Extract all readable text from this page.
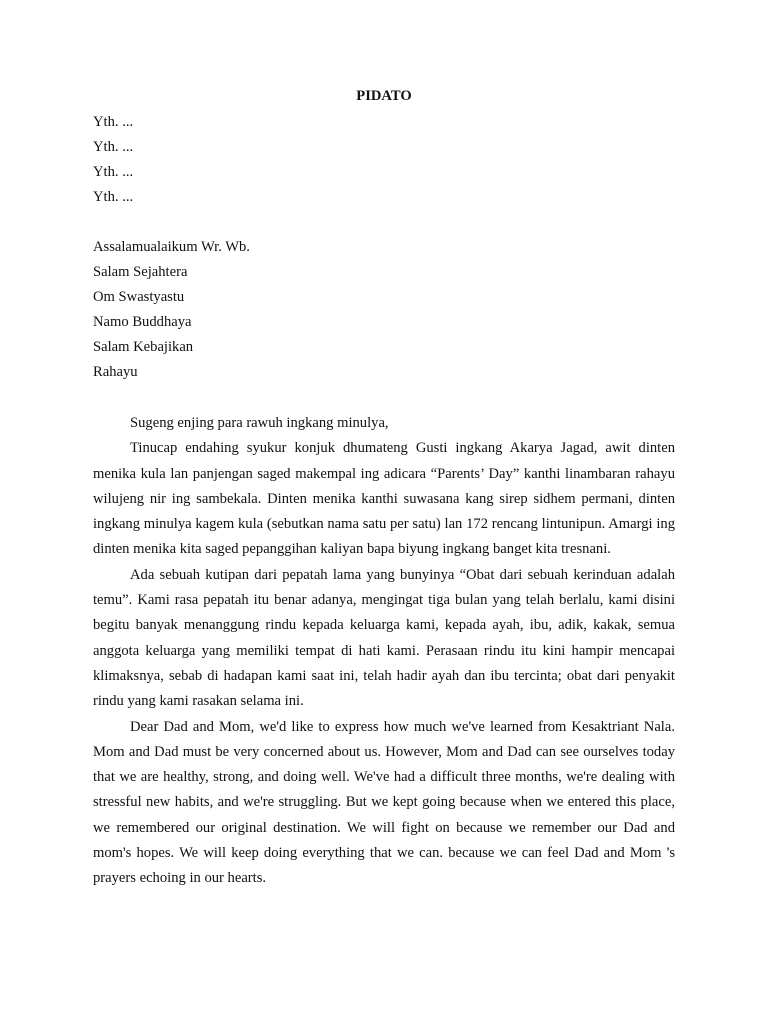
PIDATO
Yth. ...
Yth. ...
Yth. ...
Yth. ...
Assalamualaikum Wr. Wb.
Salam Sejahtera
Om Swastyastu
Namo Buddhaya
Salam Kebajikan
Rahayu

Sugeng enjing para rawuh ingkang minulya,

Tinucap endahing syukur konjuk dhumateng Gusti ingkang Akarya Jagad, awit dinten menika kula lan panjengan saged makempal ing adicara “Parents’ Day” kanthi linambaran rahayu wilujeng nir ing sambekala. Dinten menika kanthi suwasana kang sirep sidhem permani, dinten ingkang minulya kagem kula (sebutkan nama satu per satu) lan 172 rencang lintunipun. Amargi ing dinten menika kita saged pepanggihan kaliyan bapa biyung ingkang banget kita tresnani.

Ada sebuah kutipan dari pepatah lama yang bunyinya “Obat dari sebuah kerinduan adalah temu”. Kami rasa pepatah itu benar adanya, mengingat tiga bulan yang telah berlalu, kami disini begitu banyak menanggung rindu kepada keluarga kami, kepada ayah, ibu, adik, kakak, semua anggota keluarga yang memiliki tempat di hati kami. Perasaan rindu itu kini hampir mencapai klimaksnya, sebab di hadapan kami saat ini, telah hadir ayah dan ibu tercinta; obat dari penyakit rindu yang kami rasakan selama ini.

Dear Dad and Mom, we'd like to express how much we've learned from Kesaktriant Nala. Mom and Dad must be very concerned about us. However, Mom and Dad can see ourselves today that we are healthy, strong, and doing well. We've had a difficult three months, we're dealing with stressful new habits, and we're struggling. But we kept going because when we entered this place, we remembered our original destination. We will fight on because we remember our Dad and mom's hopes. We will keep doing everything that we can. because we can feel Dad and Mom 's prayers echoing in our hearts.
